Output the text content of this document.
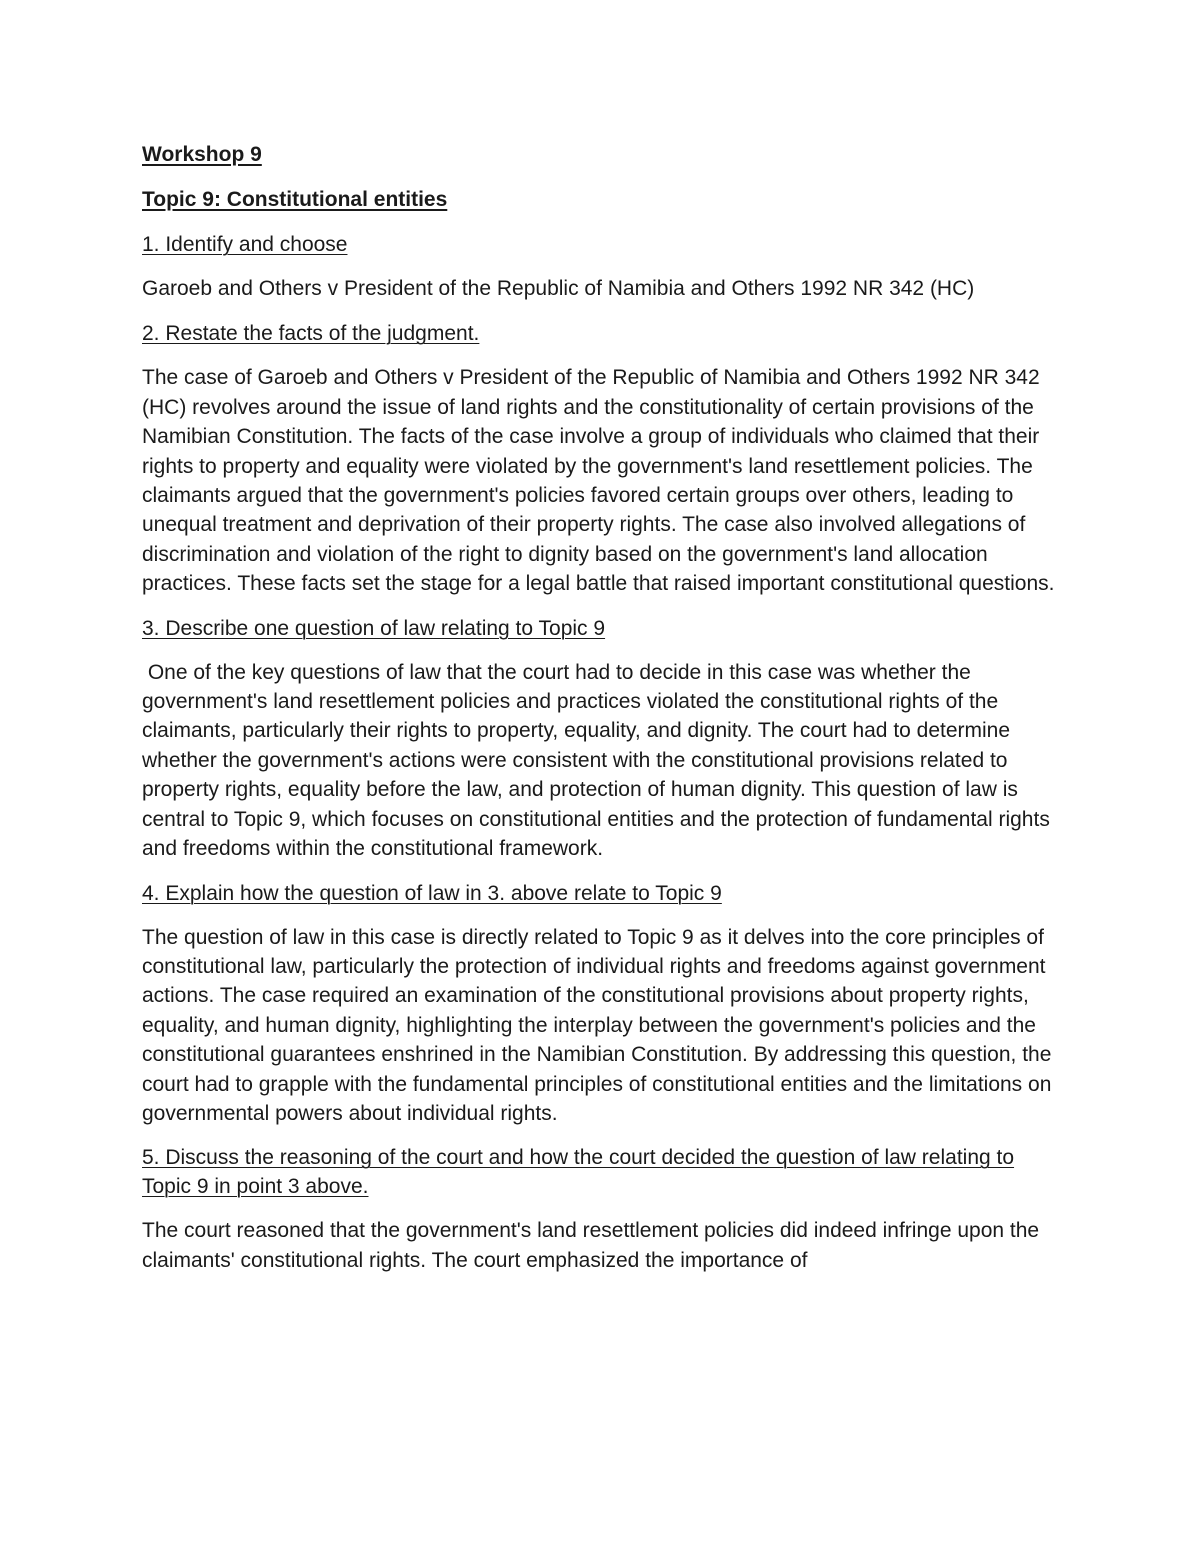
Workshop 9
Topic 9: Constitutional entities
1. Identify and choose
Garoeb and Others v President of the Republic of Namibia and Others 1992 NR 342 (HC)
2. Restate the facts of the judgment.
The case of Garoeb and Others v President of the Republic of Namibia and Others 1992 NR 342 (HC) revolves around the issue of land rights and the constitutionality of certain provisions of the Namibian Constitution. The facts of the case involve a group of individuals who claimed that their rights to property and equality were violated by the government's land resettlement policies. The claimants argued that the government's policies favored certain groups over others, leading to unequal treatment and deprivation of their property rights. The case also involved allegations of discrimination and violation of the right to dignity based on the government's land allocation practices. These facts set the stage for a legal battle that raised important constitutional questions.
3. Describe one question of law relating to Topic 9
One of the key questions of law that the court had to decide in this case was whether the government's land resettlement policies and practices violated the constitutional rights of the claimants, particularly their rights to property, equality, and dignity. The court had to determine whether the government's actions were consistent with the constitutional provisions related to property rights, equality before the law, and protection of human dignity. This question of law is central to Topic 9, which focuses on constitutional entities and the protection of fundamental rights and freedoms within the constitutional framework.
4. Explain how the question of law in 3. above relate to Topic 9
The question of law in this case is directly related to Topic 9 as it delves into the core principles of constitutional law, particularly the protection of individual rights and freedoms against government actions. The case required an examination of the constitutional provisions about property rights, equality, and human dignity, highlighting the interplay between the government's policies and the constitutional guarantees enshrined in the Namibian Constitution. By addressing this question, the court had to grapple with the fundamental principles of constitutional entities and the limitations on governmental powers about individual rights.
5. Discuss the reasoning of the court and how the court decided the question of law relating to Topic 9 in point 3 above.
The court reasoned that the government's land resettlement policies did indeed infringe upon the claimants' constitutional rights. The court emphasized the importance of
